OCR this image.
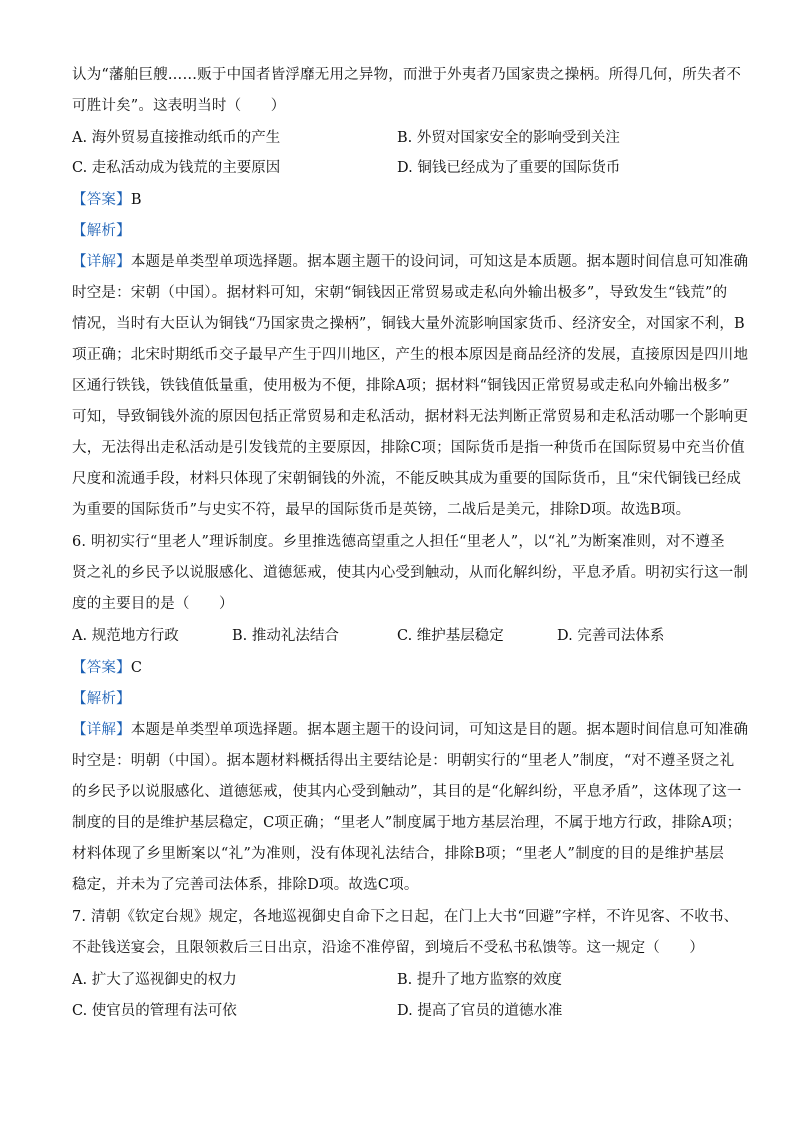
认为“藩舶巨艘……贩于中国者皆浮靡无用之异物，而泄于外夷者乃国家贵之操柄。所得几何，所失者不
可胜计矣”。这表明当时（　　）
A. 海外贸易直接推动纸币的产生	B. 外贸对国家安全的影响受到关注
C. 走私活动成为钱荒的主要原因	D. 铜钱已经成为了重要的国际货币
【答案】B
【解析】
【详解】本题是单类型单项选择题。据本题主题干的设问词，可知这是本质题。据本题时间信息可知准确
时空是：宋朝（中国）。据材料可知，宋朝“铜钱因正常贸易或走私向外输出极多”，导致发生“钱荒”的
情况，当时有大臣认为铜钱“乃国家贵之操柄”，铜钱大量外流影响国家货币、经济安全，对国家不利，B
项正确；北宋时期纸币交子最早产生于四川地区，产生的根本原因是商品经济的发展，直接原因是四川地
区通行铁钱，铁钱值低量重，使用极为不便，排除A项；据材料“铜钱因正常贸易或走私向外输出极多”
可知，导致铜钱外流的原因包括正常贸易和走私活动，据材料无法判断正常贸易和走私活动哪一个影响更
大，无法得出走私活动是引发钱荒的主要原因，排除C项；国际货币是指一种货币在国际贸易中充当价值
尺度和流通手段，材料只体现了宋朝铜钱的外流，不能反映其成为重要的国际货币，且“宋代铜钱已经成
为重要的国际货币”与史实不符，最早的国际货币是英镑，二战后是美元，排除D项。故选B项。
6. 明初实行“里老人”理诉制度。乡里推选德高望重之人担任“里老人”，以“礼”为断案准则，对不遵圣
贤之礼的乡民予以说服感化、道德惩戒，使其内心受到触动，从而化解纠纷，平息矛盾。明初实行这一制
度的主要目的是（　　）
A. 规范地方行政	B. 推动礼法结合	C. 维护基层稳定	D. 完善司法体系
【答案】C
【解析】
【详解】本题是单类型单项选择题。据本题主题干的设问词，可知这是目的题。据本题时间信息可知准确
时空是：明朝（中国）。据本题材料概括得出主要结论是：明朝实行的“里老人”制度，“对不遵圣贤之礼
的乡民予以说服感化、道德惩戒，使其内心受到触动”，其目的是“化解纠纷，平息矛盾”，这体现了这一
制度的目的是维护基层稳定，C项正确；“里老人”制度属于地方基层治理，不属于地方行政，排除A项；
材料体现了乡里断案以“礼”为准则，没有体现礼法结合，排除B项；“里老人”制度的目的是维护基层
稳定，并未为了完善司法体系，排除D项。故选C项。
7. 清朝《钦定台规》规定，各地巡视御史自命下之日起，在门上大书“回避”字样，不许见客、不收书、
不赴钱送宴会，且限领救后三日出京，沿途不准停留，到境后不受私书私馈等。这一规定（　　）
A. 扩大了巡视御史的权力	B. 提升了地方监察的效度
C. 使官员的管理有法可依	D. 提高了官员的道德水准
